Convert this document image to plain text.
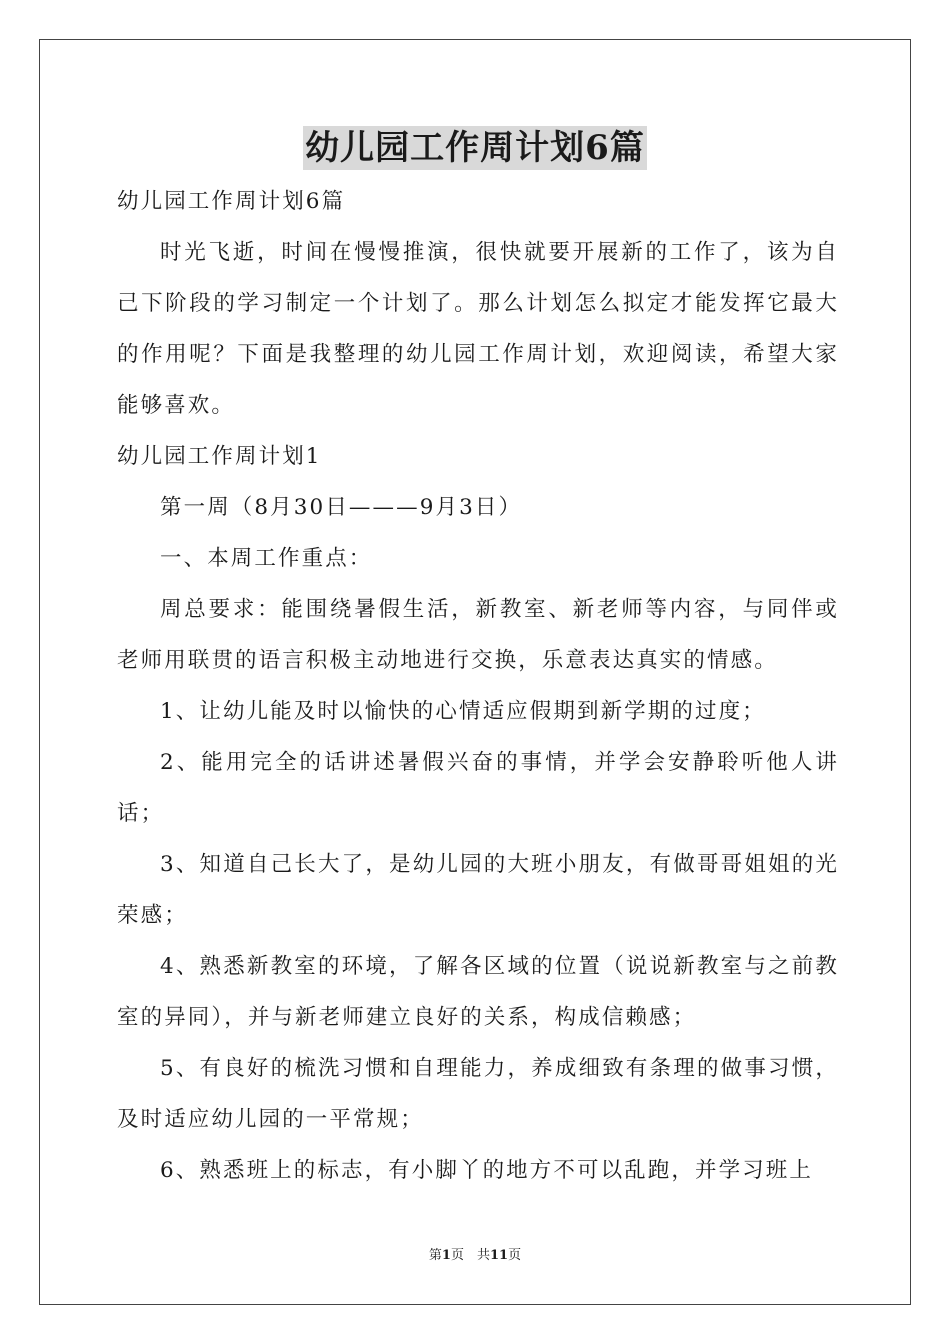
幼儿园工作周计划6篇

幼儿园工作周计划6篇

时光飞逝，时间在慢慢推演，很快就要开展新的工作了，该为自己下阶段的学习制定一个计划了。那么计划怎么拟定才能发挥它最大的作用呢？下面是我整理的幼儿园工作周计划，欢迎阅读，希望大家能够喜欢。

幼儿园工作周计划1

第一周（8月30日———9月3日）

一、本周工作重点：

周总要求：能围绕暑假生活，新教室、新老师等内容，与同伴或老师用联贯的语言积极主动地进行交换，乐意表达真实的情感。

1、让幼儿能及时以愉快的心情适应假期到新学期的过度；

2、能用完全的话讲述暑假兴奋的事情，并学会安静聆听他人讲话；

3、知道自己长大了，是幼儿园的大班小朋友，有做哥哥姐姐的光荣感；

4、熟悉新教室的环境，了解各区域的位置（说说新教室与之前教室的异同），并与新老师建立良好的关系，构成信赖感；

5、有良好的梳洗习惯和自理能力，养成细致有条理的做事习惯，及时适应幼儿园的一平常规；

6、熟悉班上的标志，有小脚丫的地方不可以乱跑，并学习班上

第1页　共11页
